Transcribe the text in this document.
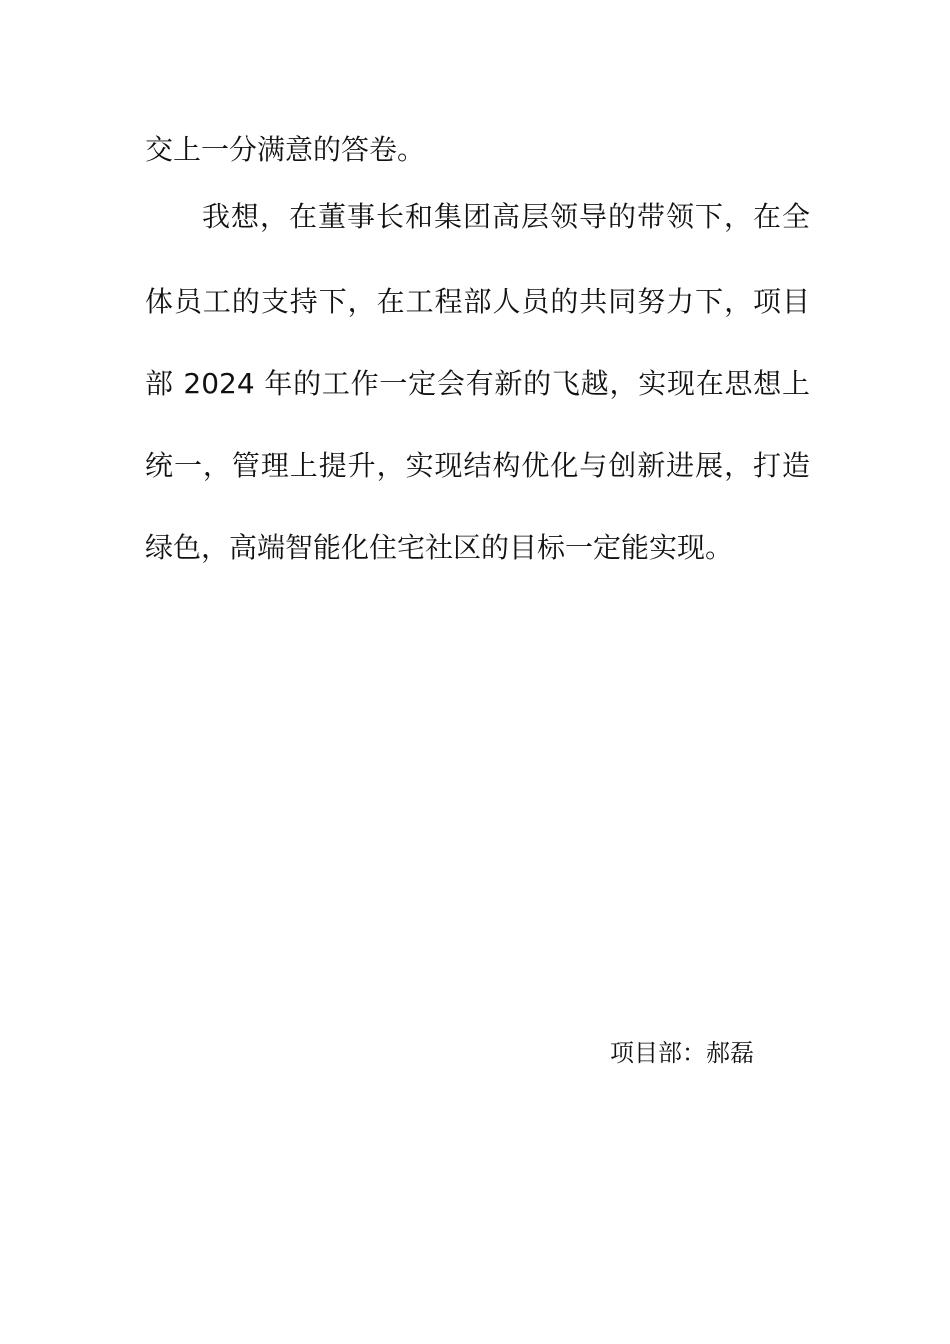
交上一分满意的答卷。
我想，在董事长和集团高层领导的带领下，在全
体员工的支持下，在工程部人员的共同努力下，项目
部 2024 年的工作一定会有新的飞越，实现在思想上
统一，管理上提升，实现结构优化与创新进展，打造
绿色，高端智能化住宅社区的目标一定能实现。
项目部：郝磊
